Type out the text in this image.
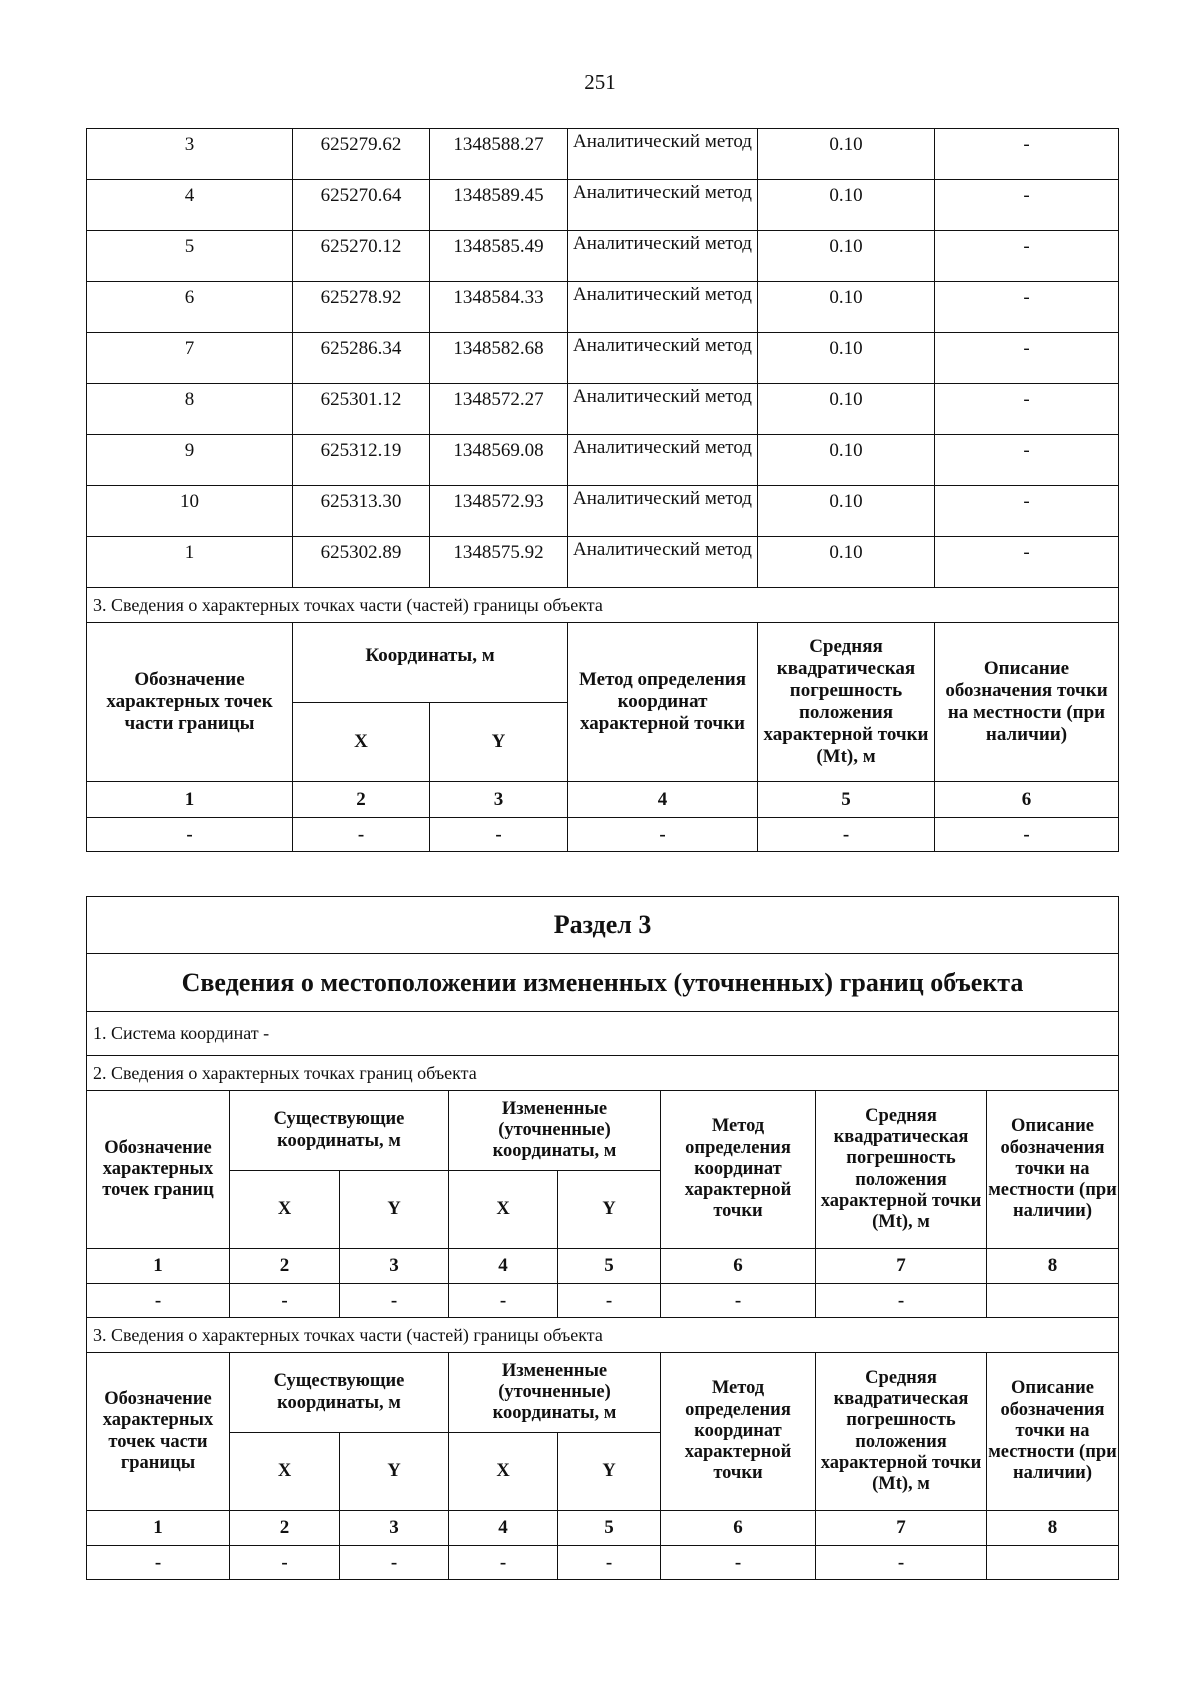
251
3	625279.62	1348588.27	Аналитический метод	0.10	-
4	625270.64	1348589.45	Аналитический метод	0.10	-
5	625270.12	1348585.49	Аналитический метод	0.10	-
6	625278.92	1348584.33	Аналитический метод	0.10	-
7	625286.34	1348582.68	Аналитический метод	0.10	-
8	625301.12	1348572.27	Аналитический метод	0.10	-
9	625312.19	1348569.08	Аналитический метод	0.10	-
10	625313.30	1348572.93	Аналитический метод	0.10	-
1	625302.89	1348575.92	Аналитический метод	0.10	-
3. Сведения о характерных точках части (частей) границы объекта					
Обозначение характерных точек части границы	Координаты, м		Метод определения координат характерной точки	Средняя квадратическая погрешность положения характерной точки (Mt), м	Описание обозначения точки на местности (при наличии)
	X	Y			
1	2	3	4	5	6
-	-	-	-	-	-
Раздел 3							
Сведения о местоположении измененных (уточненных) границ объекта							
1. Система координат -							
2. Сведения о характерных точках границ объекта							
Обозначение характерных точек границ	Существующие координаты, м		Измененные (уточненные) координаты, м		Метод определения координат характерной точки	Средняя квадратическая погрешность положения характерной точки (Mt), м	Описание обозначения точки на местности (при наличии)
	X	Y	X	Y			
1	2	3	4	5	6	7	8
-	-	-	-	-	-	-	
3. Сведения о характерных точках части (частей) границы объекта							
Обозначение характерных точек части границы	Существующие координаты, м		Измененные (уточненные) координаты, м		Метод определения координат характерной точки	Средняя квадратическая погрешность положения характерной точки (Mt), м	Описание обозначения точки на местности (при наличии)
	X	Y	X	Y			
1	2	3	4	5	6	7	8
-	-	-	-	-	-	-	
